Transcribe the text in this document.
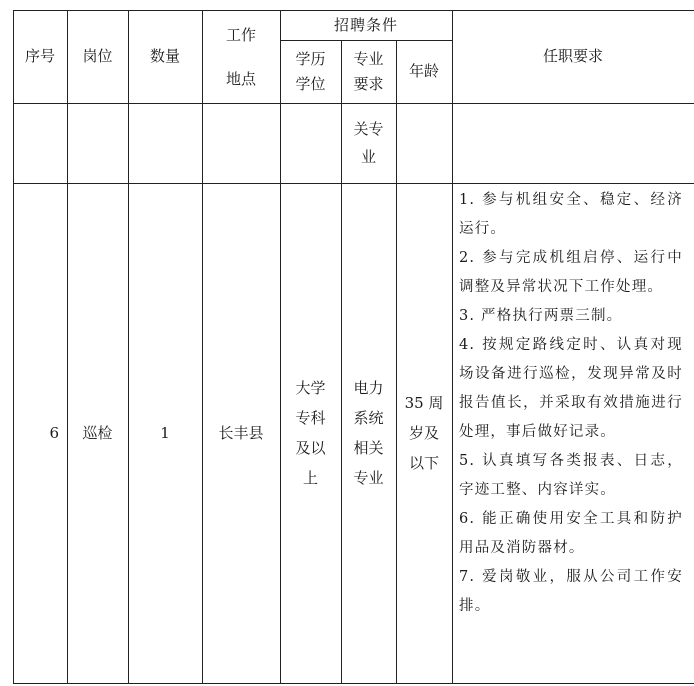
序号 岗位 数量
工作
地点
招聘条件
学历
学位
专业
要求
年龄
任职要求
关专
业
6 巡检	1	长丰县
大学
专科
及以
上
电力
系统
相关
专业
35 周
岁及
以下
1. 参与机组安全、稳定、经济运行。
2. 参与完成机组启停、运行中调整及异常状况下工作处理。
3. 严格执行两票三制。
4. 按规定路线定时、认真对现场设备进行巡检，发现异常及时报告值长，并采取有效措施进行处理，事后做好记录。
5. 认真填写各类报表、日志，字迹工整、内容详实。
6. 能正确使用安全工具和防护用品及消防器材。
7. 爱岗敬业，服从公司工作安排。
